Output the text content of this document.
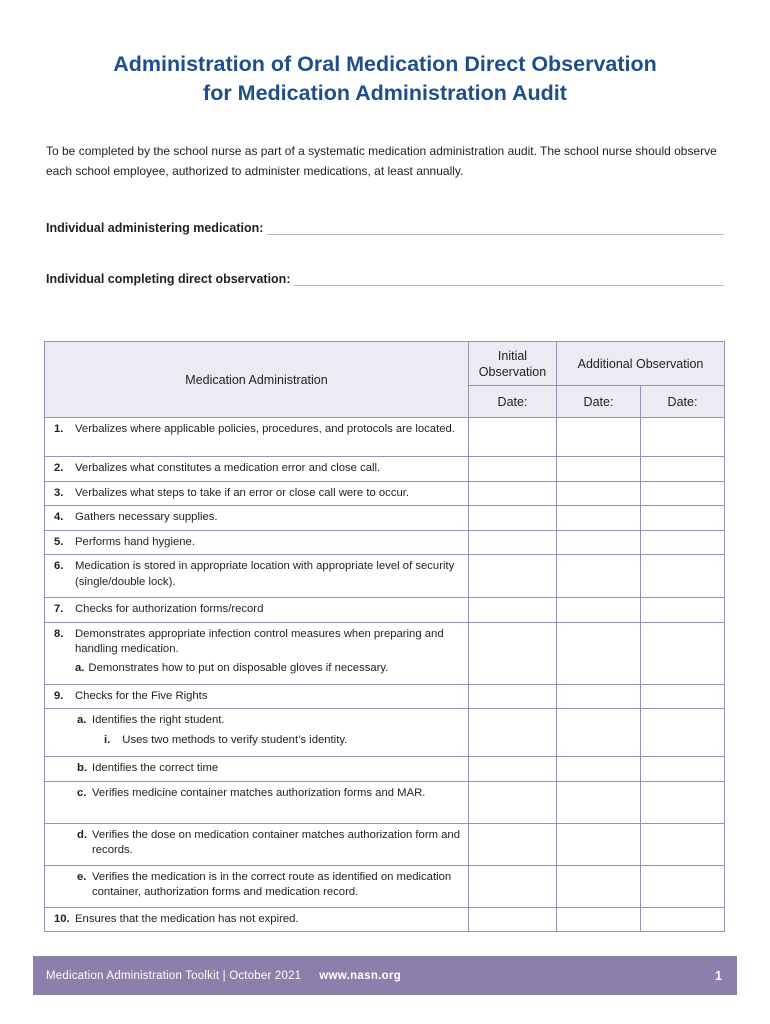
Administration of Oral Medication Direct Observation
for Medication Administration Audit
To be completed by the school nurse as part of a systematic medication administration audit. The school nurse should observe each school employee, authorized to administer medications, at least annually.
Individual administering medication:
Individual completing direct observation:
Medication Administration	Initial Observation	Additional Observation	
	Date:	Date:	Date:

1. Verbalizes where applicable policies, procedures, and protocols are located.			

2. Verbalizes what constitutes a medication error and close call.			

3. Verbalizes what steps to take if an error or close call were to occur.			

4. Gathers necessary supplies.			

5. Performs hand hygiene.			

6. Medication is stored in appropriate location with appropriate level of security (single/double lock).			

7. Checks for authorization forms/record			

8. Demonstrates appropriate infection control measures when preparing and handling medication.
a. Demonstrates how to put on disposable gloves if necessary.			

9. Checks for the Five Rights			

a. Identifies the right student.
i. Uses two methods to verify student’s identity.			

b. Identifies the correct time			

c. Verifies medicine container matches authorization forms and MAR.			

d. Verifies the dose on medication container matches authorization form and records.			

e. Verifies the medication is in the correct route as identified on medication container, authorization forms and medication record.			

10. Ensures that the medication has not expired.			
Medication Administration Toolkit | October 2021 www.nasn.org	1
